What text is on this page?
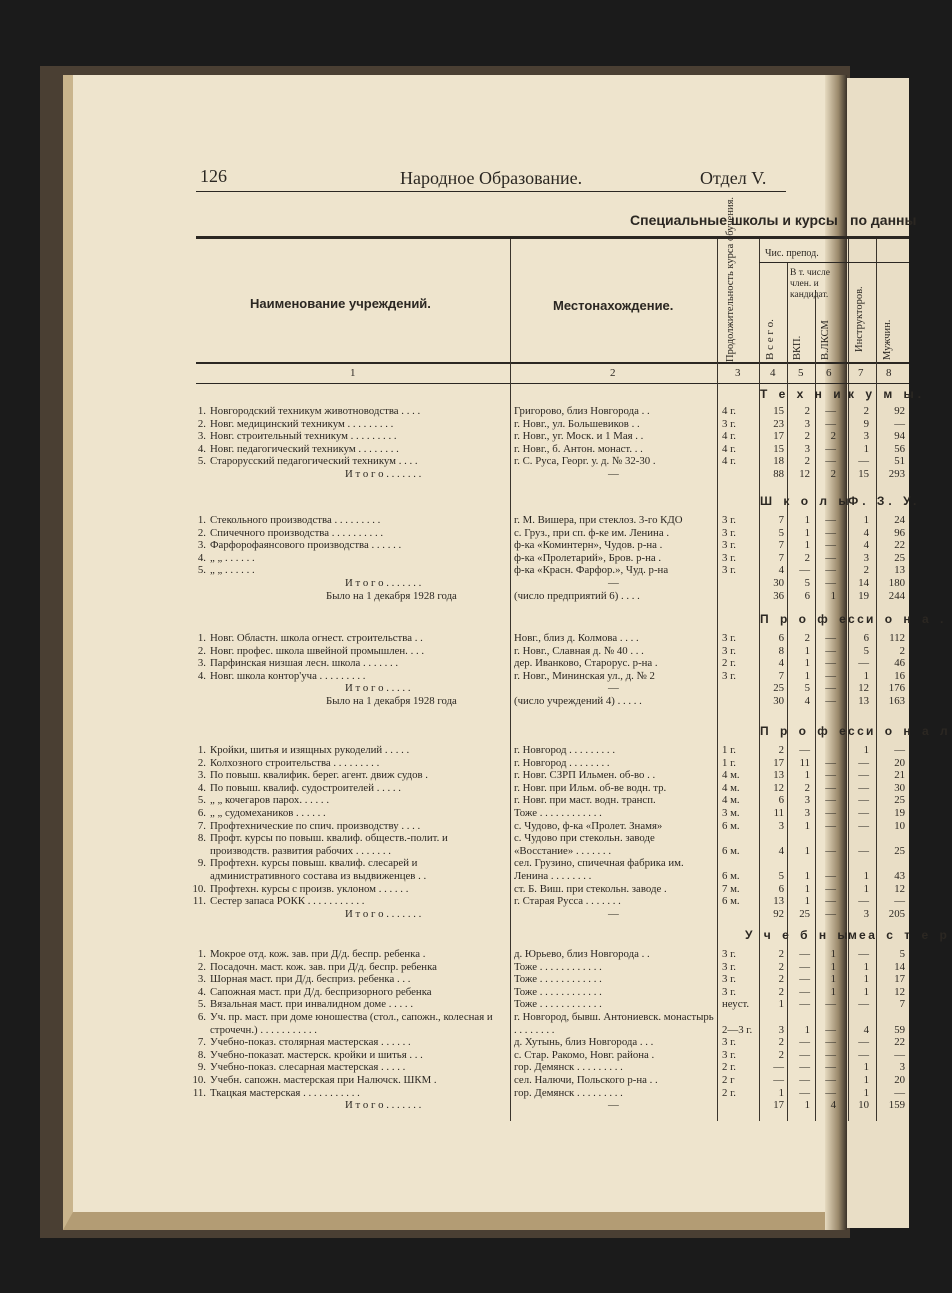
126	Народное Образование.	Отдел V.
Специальные школы и курсы по данны
Наименование учреждений.	Местонахождение.	Продолжительность курса обучения.	Чис. препод.
В т. числе член. и кандидат.
В с е г о. ВКП. В.ЛКСМ Инструкторов. Мужчин.
1	2	3	4 5 6 7 8
Т е х н и к у м ы.
1. Новгородский техникум животноводства . . . .	Григорово, близ Новгорода . .	4 г.	15	2	—	2	92
2. Новг. медицинский техникум . . . . . . . . .	г. Новг., ул. Большевиков . .	3 г.	23	3	—	9	—
3. Новг. строительный техникум . . . . . . . . .	г. Новг., уг. Моск. и 1 Мая . .	4 г.	17	2	2	3	94
4. Новг. педагогический техникум . . . . . . . .	г. Новг., б. Антон. монаст. . .	4 г.	15	3	—	1	56
5. Старорусский педагогический техникум . . . .	г. С. Руса, Георг. у. д. № 32-30 .	4 г.	18	2	—	—	51
И т о г о . . . . . . .	—	88	12	2	15	293
Ш к о л ы
Ф. З. У.
1. Стекольного производства . . . . . . . . .	г. М. Вишера, при стеклоз. 3-го КДО	3 г.	7	1	—	1	24
2. Спичечного производства . . . . . . . . . .	с. Груз., при сп. ф-ке им. Ленина .	3 г.	5	1	—	4	96
3. Фарфорофаянсового производства . . . . . .	ф-ка «Коминтерн», Чудов. р-на .	3 г.	7	1	—	4	22
4. „ „ . . . . . .	ф-ка «Пролетарий», Бров. р-на .	3 г.	7	2	—	3	25
5. „ „ . . . . . .	ф-ка «Красн. Фарфор.», Чуд. р-на	3 г.	4	—	—	2	13
И т о г о . . . . . . .	—	30	5	—	14	180
Было на 1 декабря 1928 года	(число предприятий 6) . . . .	36	6	1	19	244
П р о ф е с
с и о н а .
1. Новг. Областн. школа огнест. строительства . .	Новг., близ д. Колмова . . . .	3 г.	6	2	—	6	112
2. Новг. профес. школа швейной промышлен. . . .	г. Новг., Славная д. № 40 . . .	3 г.	8	1	—	5	2
3. Парфинская низшая лесн. школа . . . . . . .	дер. Иванково, Старорус. р-на .	2 г.	4	1	—	—	46
4. Новг. школа контор'уча . . . . . . . . .	г. Новг., Мининская ул., д. № 2	3 г.	7	1	—	1	16
И т о г о . . . . .	—	25	5	—	12	176
Было на 1 декабря 1928 года	(число учреждений 4) . . . . .	30	4	—	13	163
П р о ф е с
с и о н а л
1. Кройки, шитья и изящных рукоделий . . . . .	г. Новгород . . . . . . . . .	1 г.	2	—	1	—
2. Колхозного строительства . . . . . . . . .	г. Новгород . . . . . . . .	1 г.	17	11	—	—	20
3. По повыш. квалифик. берег. агент. движ судов .	г. Новг. СЗРП Ильмен. об-во . .	4 м.	13	1	—	—	21
4. По повыш. квалиф. судостроителей . . . . .	г. Новг. при Ильм. об-ве водн. тр.	4 м.	12	2	—	—	30
5. „ „ кочегаров парох. . . . . .	г. Новг. при маст. водн. трансп.	4 м.	6	3	—	—	25
6. „ „ судомехаников . . . . . .	Тоже . . . . . . . . . . . .	3 м.	11	3	—	—	19
7. Профтехнические по спич. производству . . . .	с. Чудово, ф-ка «Пролет. Знамя»	6 м.	3	1	—	—	10
8. Профт. курсы по повыш. квалиф. обществ.-полит. и производств. развития рабочих . . . . . . .
с. Чудово при стекольн. заводе «Восстание» . . . . . . .	6 м.	4	1	—	—	25
9. Профтехн. курсы повыш. квалиф. слесарей и административного состава из выдвиженцев . .
сел. Грузино, спичечная фабрика им. Ленина . . . . . . . .	6 м.	5	1	—	1	43
10. Профтехн. курсы с произв. уклоном . . . . . .	ст. Б. Виш. при стекольн. заводе .	7 м.	6	1	—	1	12
11. Сестер запаса РОКК . . . . . . . . . . .	г. Старая Русса . . . . . . .	6 м.	13	1	—	—	—
И т о г о . . . . . . .	—	92	25	—	3	205
У ч е б н ы е
м а с т е р
1. Мокрое отд. кож. зав. при Д/д. беспр. ребенка .	д. Юрьево, близ Новгорода . .	3 г.	2	—	1	—	5
2. Посадочн. маст. кож. зав. при Д/д. беспр. ребенка	Тоже . . . . . . . . . . . .	3 г.	2	—	1	1	14
3. Шорная маст. при Д/д. бесприз. ребенка . . .	Тоже . . . . . . . . . . . .	3 г.	2	—	1	1	17
4. Сапожная маст. при Д/д. беспризорного ребенка	Тоже . . . . . . . . . . . .	3 г.	2	—	1	1	12
5. Вязальная маст. при инвалидном доме . . . . .	Тоже . . . . . . . . . . . .	неуст.	1	—	—	—	7
6. Уч. пр. маст. при доме юношества (стол., сапожн., колесная и строчечн.) . . . . . . . . . . .
г. Новгород, бывш. Антониевск. монастырь . . . . . . . .	2—3 г.	3	1	—	4	59
7. Учебно-показ. столярная мастерская . . . . . .	д. Хутынь, близ Новгорода . . .	3 г.	2	—	—	—	22
8. Учебно-показат. мастерск. кройки и шитья . . .	с. Стар. Ракомо, Новг. района .	3 г.	2	—	—	—	—
9. Учебно-показ. слесарная мастерская . . . . .	гор. Демянск . . . . . . . . .	2 г.	—	—	—	1	3
10. Учебн. сапожн. мастерская при Налючск. ШКМ .	сел. Налючи, Польского р-на . .	2 г	—	—	—	1	20
11. Ткацкая мастерская . . . . . . . . . . .	гор. Демянск . . . . . . . . .	2 г.	1	—	—	1	—
И т о г о . . . . . . .	—	17	1	4	10	159
